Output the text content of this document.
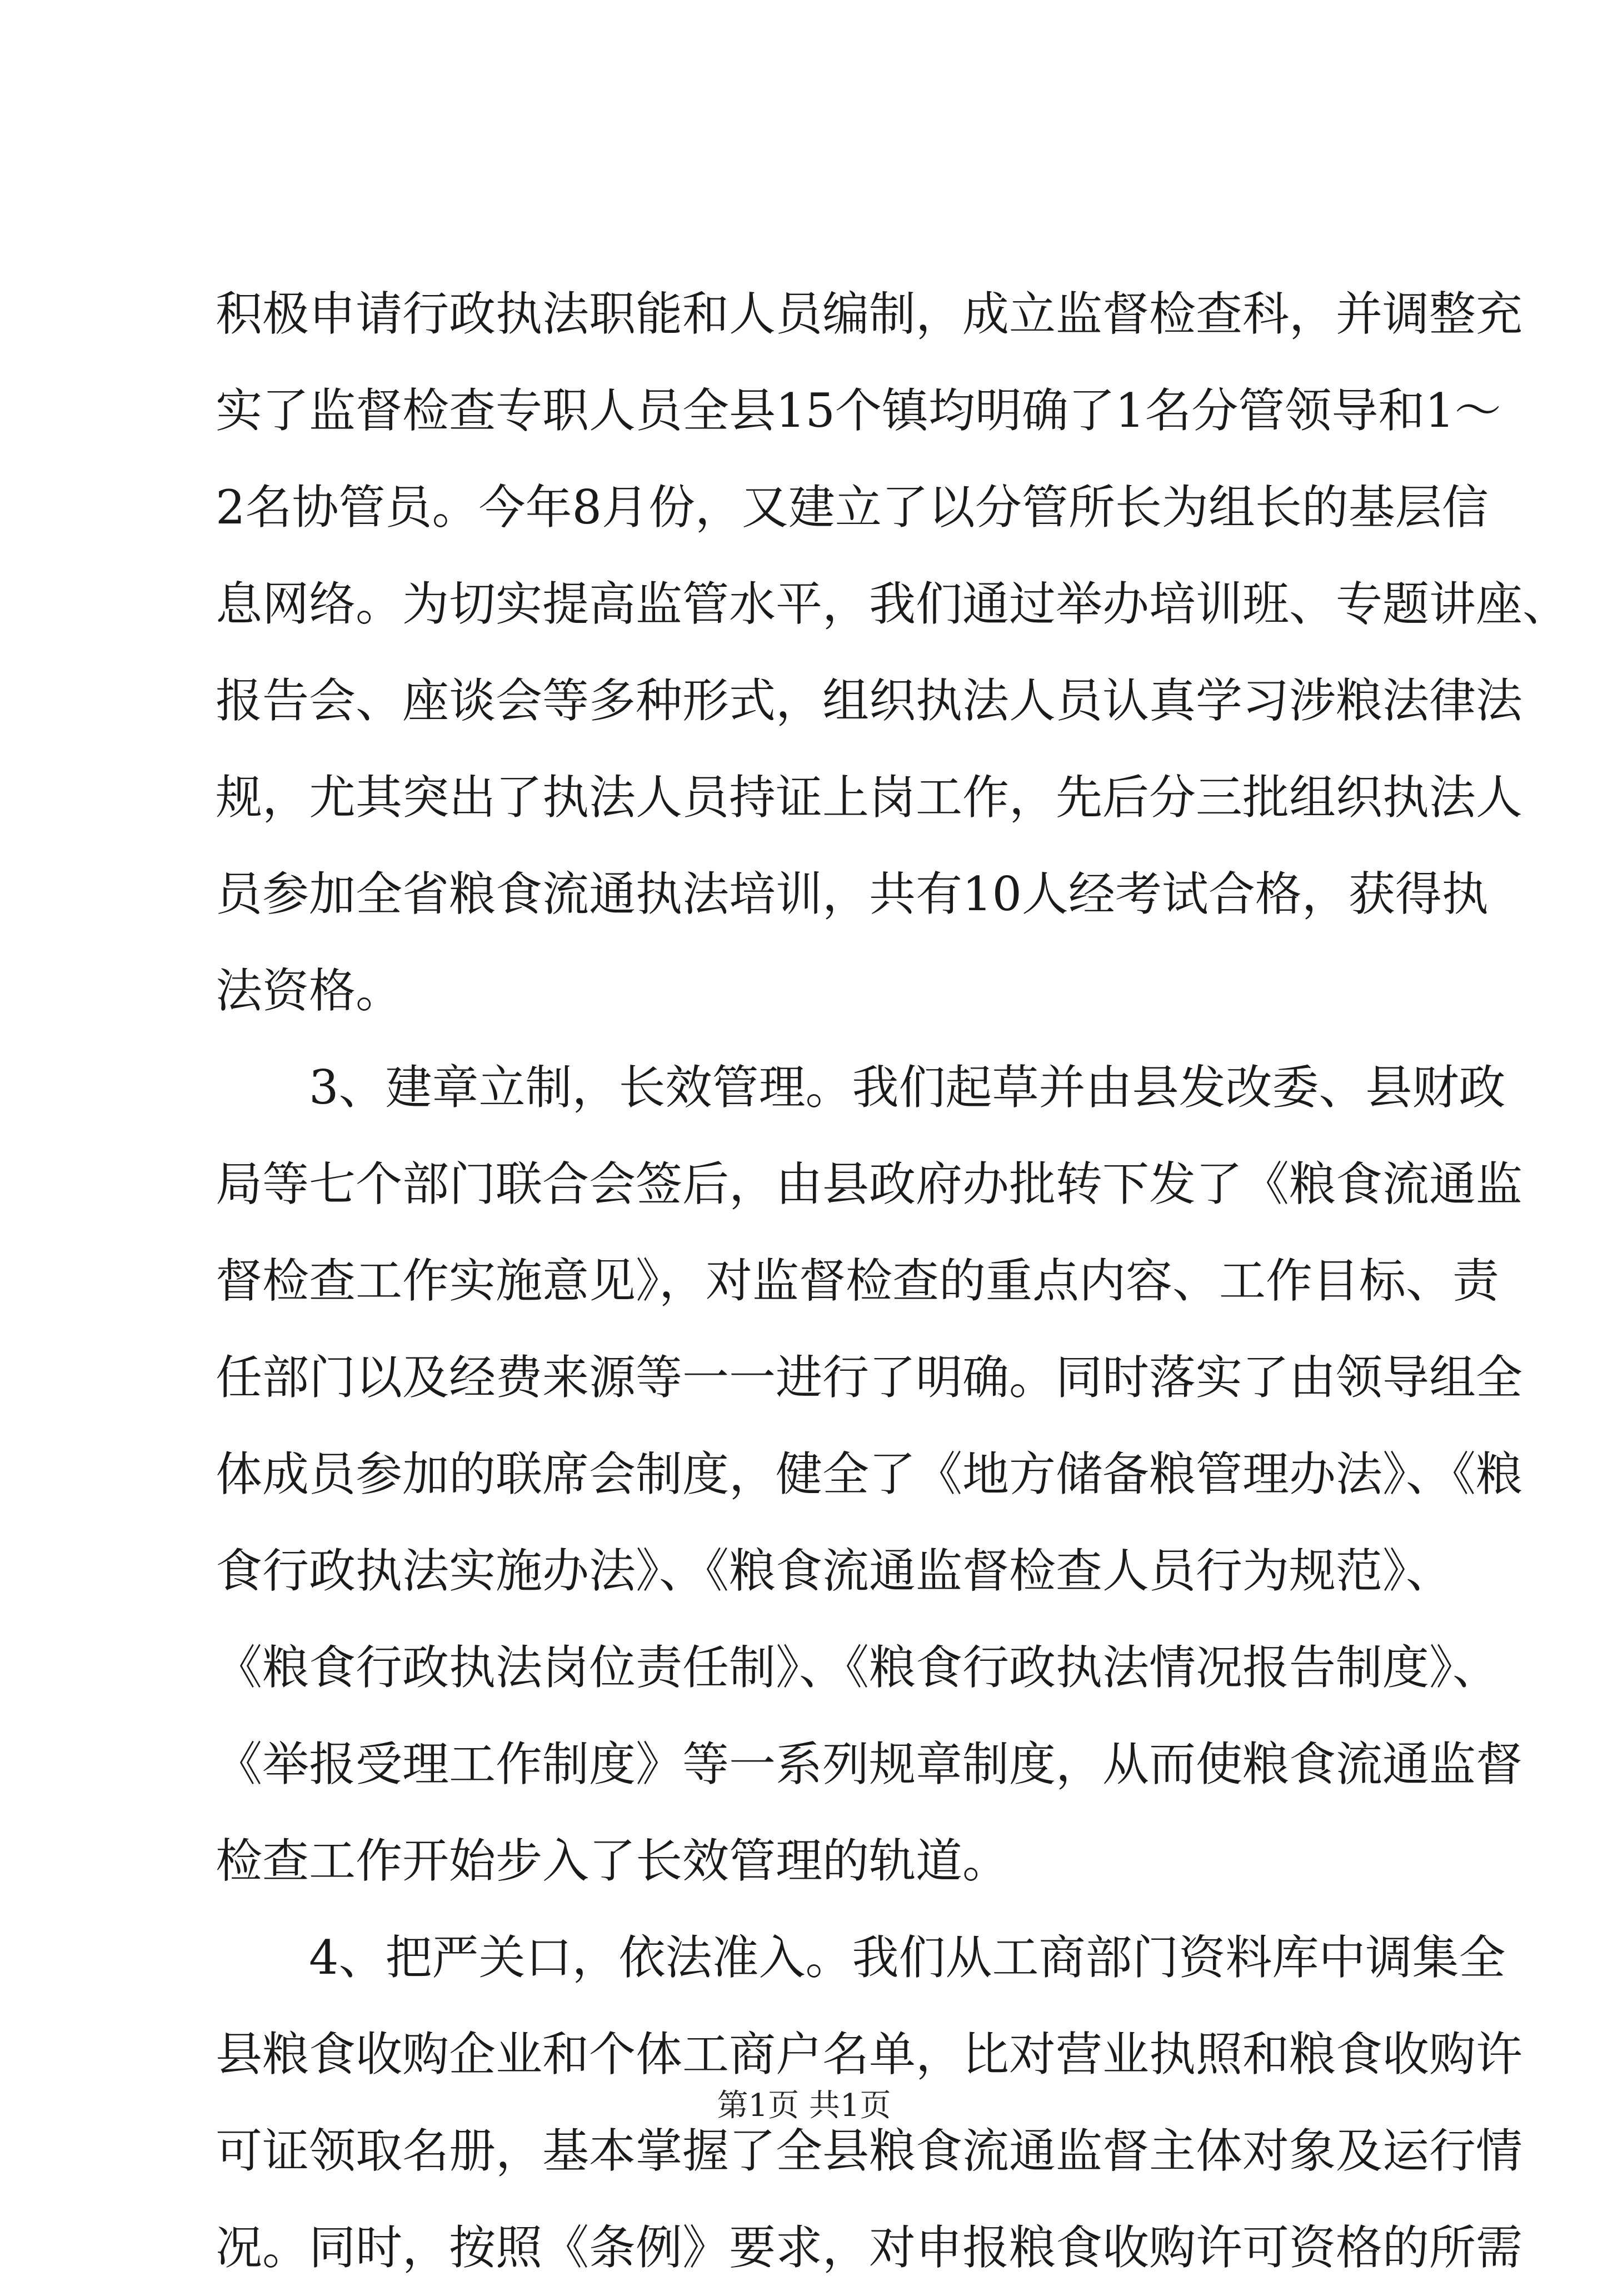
积极申请行政执法职能和人员编制，成立监督检查科，并调整充
实了监督检查专职人员全县15个镇均明确了1名分管领导和1～
2名协管员。今年8月份，又建立了以分管所长为组长的基层信
息网络。为切实提高监管水平，我们通过举办培训班、专题讲座、
报告会、座谈会等多种形式，组织执法人员认真学习涉粮法律法
规，尤其突出了执法人员持证上岗工作，先后分三批组织执法人
员参加全省粮食流通执法培训，共有10人经考试合格，获得执
法资格。
3、建章立制，长效管理。我们起草并由县发改委、县财政
局等七个部门联合会签后，由县政府办批转下发了《粮食流通监
督检查工作实施意见》，对监督检查的重点内容、工作目标、责
任部门以及经费来源等一一进行了明确。同时落实了由领导组全
体成员参加的联席会制度，健全了《地方储备粮管理办法》、《粮
食行政执法实施办法》、《粮食流通监督检查人员行为规范》、
《粮食行政执法岗位责任制》、《粮食行政执法情况报告制度》、
《举报受理工作制度》等一系列规章制度，从而使粮食流通监督
检查工作开始步入了长效管理的轨道。
4、把严关口，依法准入。我们从工商部门资料库中调集全
县粮食收购企业和个体工商户名单，比对营业执照和粮食收购许
可证领取名册，基本掌握了全县粮食流通监督主体对象及运行情
况。同时，按照《条例》要求，对申报粮食收购许可资格的所需
第1页 共1页
